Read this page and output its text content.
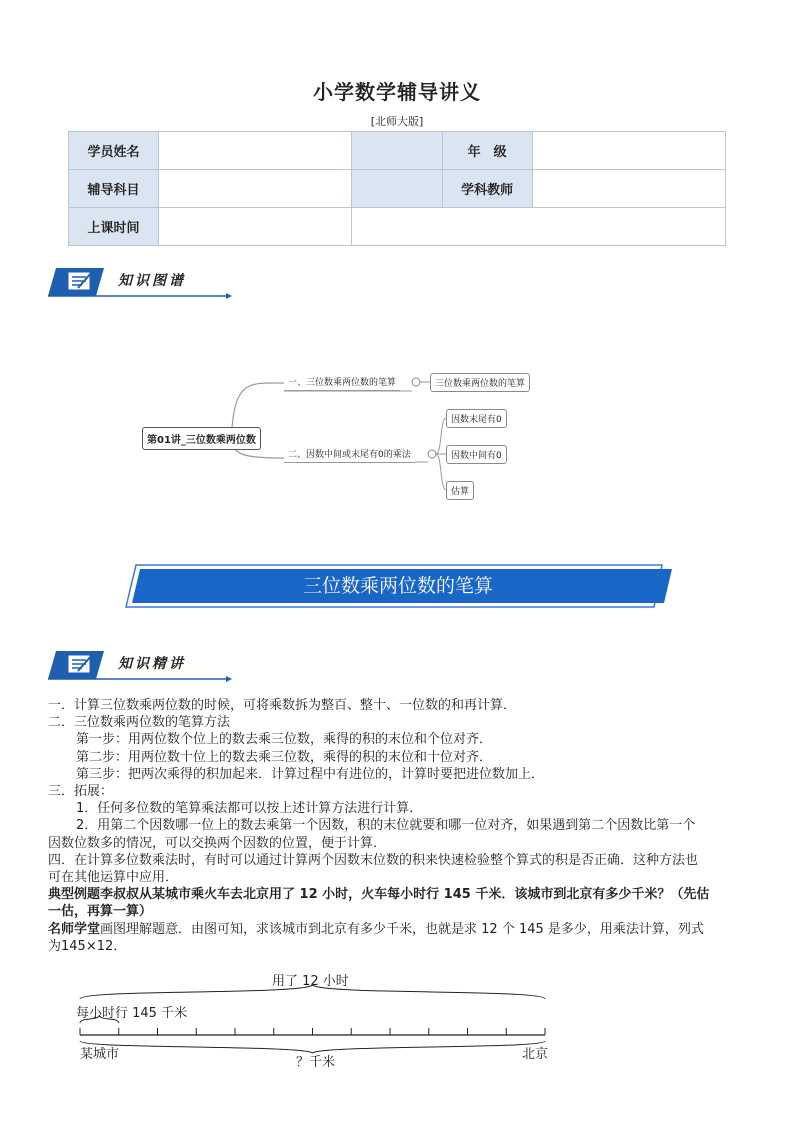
小学数学辅导讲义
[北师大版]
学员姓名			年　级	
辅导科目			学科教师	
上课时间				
知识图谱
第01讲_三位数乘两位数
一、三位数乘两位数的笔算	三位数乘两位数的笔算
二、因数中间或末尾有0的乘法
因数末尾有0
因数中间有0
估算
三位数乘两位数的笔算
知识精讲

一．计算三位数乘两位数的时候，可将乘数拆为整百、整十、一位数的和再计算．

二．三位数乘两位数的笔算方法

第一步：用两位数个位上的数去乘三位数，乘得的积的末位和个位对齐．

第二步：用两位数十位上的数去乘三位数，乘得的积的末位和十位对齐．

第三步：把两次乘得的积加起来．计算过程中有进位的，计算时要把进位数加上．

三．拓展：

1．任何多位数的笔算乘法都可以按上述计算方法进行计算．

2．用第二个因数哪一位上的数去乘第一个因数，积的末位就要和哪一位对齐，如果遇到第二个因数比第一个

因数位数多的情况，可以交换两个因数的位置，便于计算．

四．在计算多位数乘法时，有时可以通过计算两个因数末位数的积来快速检验整个算式的积是否正确．这种方法也

可在其他运算中应用．

典型例题李叔叔从某城市乘火车去北京用了 12 小时，火车每小时行 145 千米．该城市到北京有多少千米？（先估

一估，再算一算）

名师学堂画图理解题意．由图可知，求该城市到北京有多少千米，也就是求 12 个 145 是多少，用乘法计算，列式

为145×12．

用了 12 小时
每小时行 145 千米
某城市	北京
？千米
